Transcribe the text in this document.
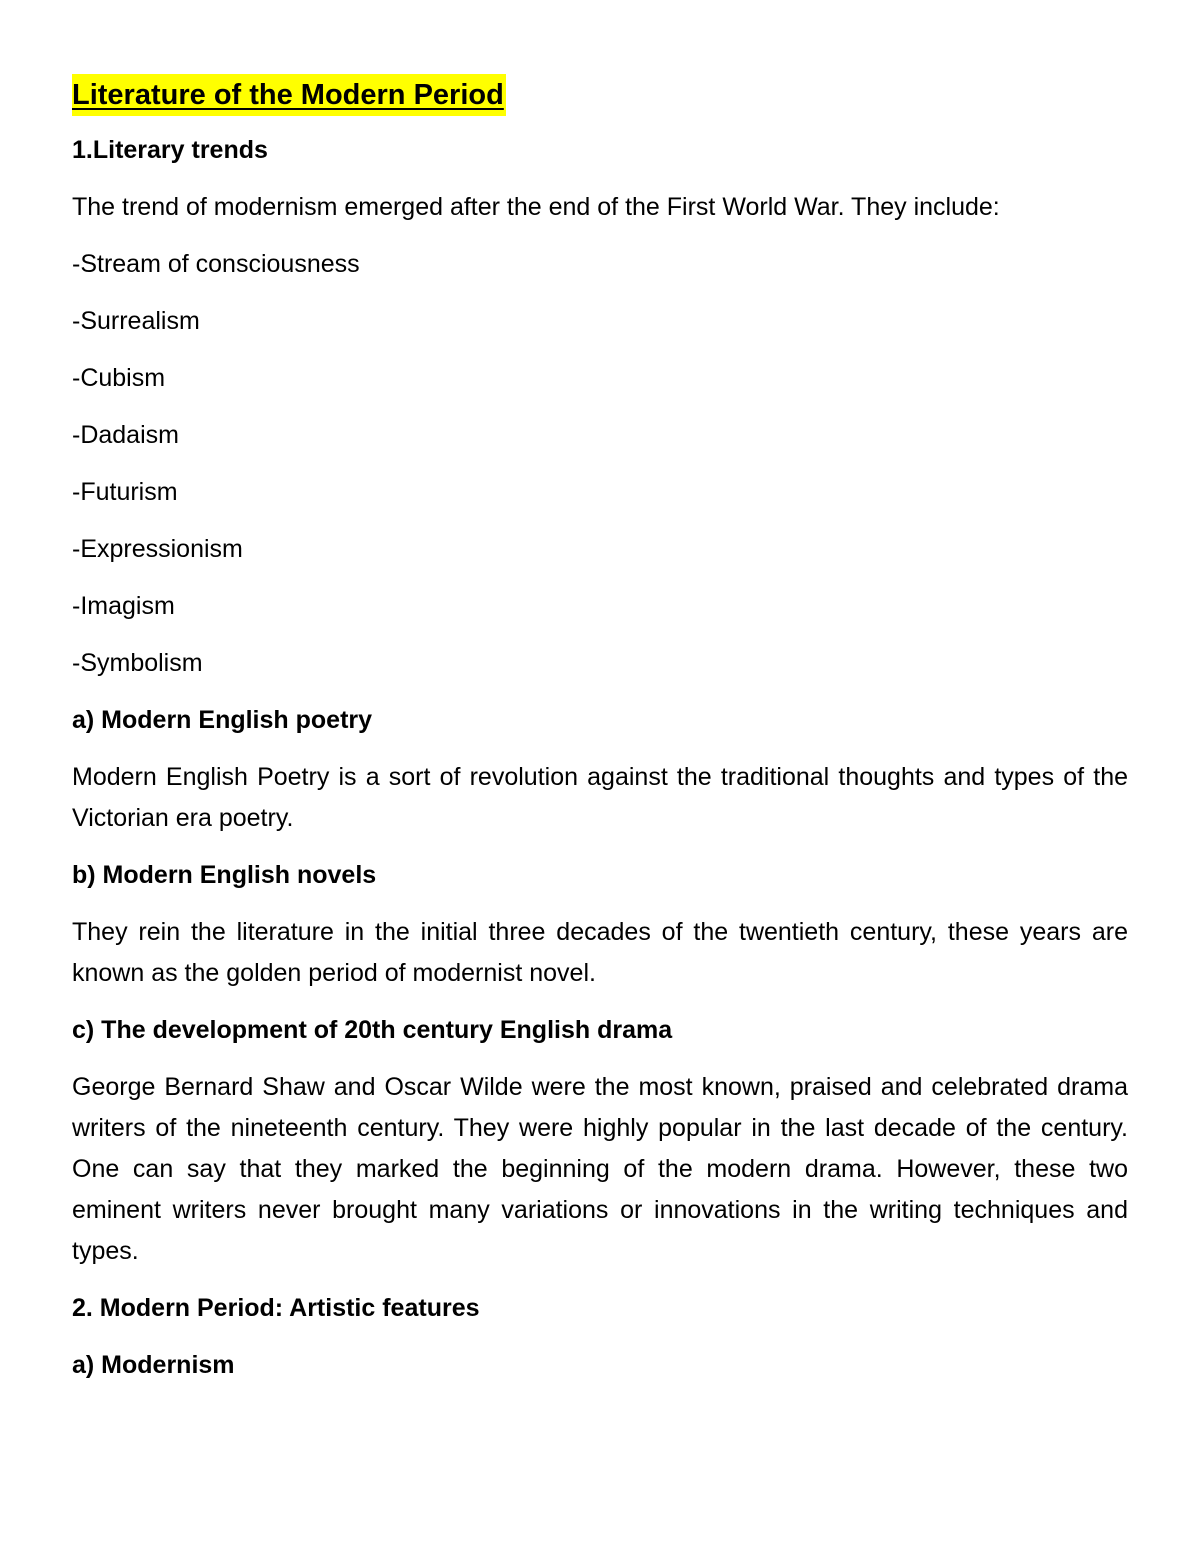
Literature of the Modern Period
1.Literary trends
The trend of modernism emerged after the end of the First World War. They include:
-Stream of consciousness
-Surrealism
-Cubism
-Dadaism
-Futurism
-Expressionism
-Imagism
-Symbolism
a) Modern English poetry
Modern English Poetry is a sort of revolution against the traditional thoughts and types of the Victorian era poetry.
b) Modern English novels
They rein the literature in the initial three decades of the twentieth century, these years are known as the golden period of modernist novel.
c) The development of 20th century English drama
George Bernard Shaw and Oscar Wilde were the most known, praised and celebrated drama writers of the nineteenth century. They were highly popular in the last decade of the century. One can say that they marked the beginning of the modern drama. However, these two eminent writers never brought many variations or innovations in the writing techniques and types.
2. Modern Period: Artistic features
a) Modernism
